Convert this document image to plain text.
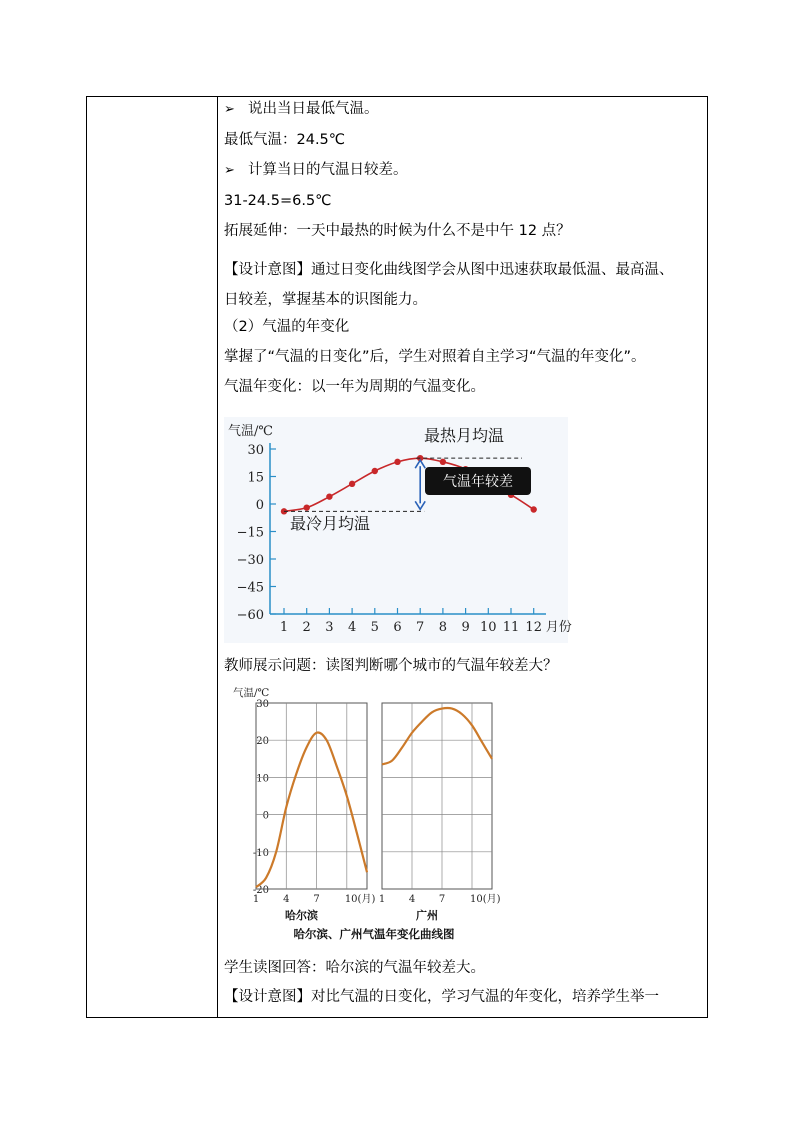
➢ 说出当日最低气温。
最低气温：24.5℃
➢ 计算当日的气温日较差。
31-24.5=6.5℃
拓展延伸：一天中最热的时候为什么不是中午 12 点？
【设计意图】通过日变化曲线图学会从图中迅速获取最低温、最高温、
日较差，掌握基本的识图能力。
（2）气温的年变化
掌握了“气温的日变化”后，学生对照着自主学习“气温的年变化”。
气温年变化：以一年为周期的气温变化。
气温/℃
30
15
0
−15
−30
−45
−60
1 2 3 4 5 6 7 8 9 10 11 12 月份
最热月均温
最冷月均温
气温年较差
教师展示问题：读图判断哪个城市的气温年较差大？
气温/℃
30
20
10
0
-10
-20
1 4 7	10(月)
哈尔滨
1 4 7 10(月)
广州
哈尔滨、广州气温年变化曲线图
学生读图回答：哈尔滨的气温年较差大。
【设计意图】对比气温的日变化，学习气温的年变化，培养学生举一
